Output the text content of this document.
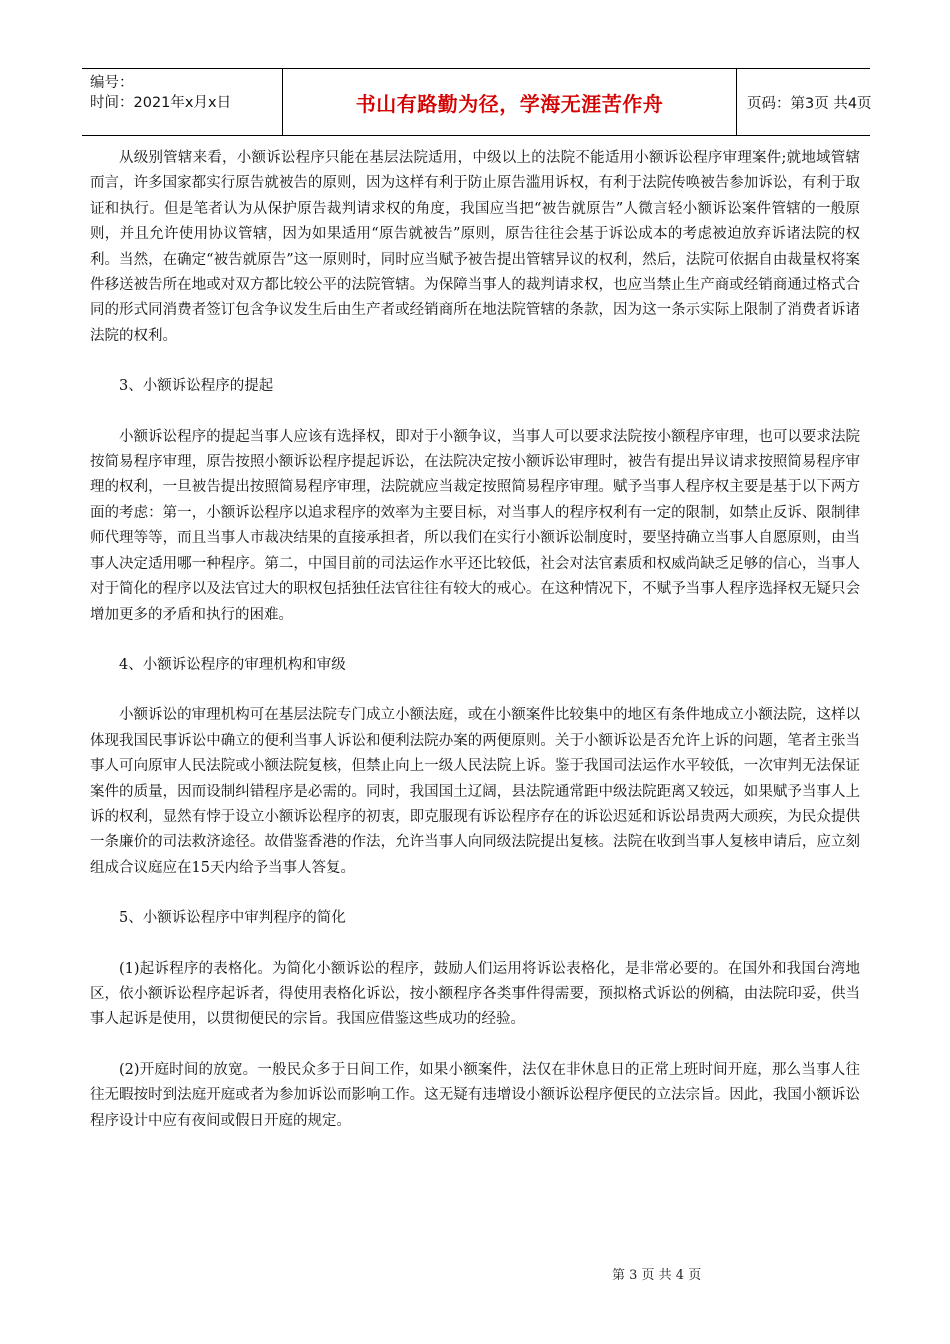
编号：
时间：2021年x月x日	书山有路勤为径，学海无涯苦作舟	页码：第3页 共4页

从级别管辖来看，小额诉讼程序只能在基层法院适用，中级以上的法院不能适用小额诉讼程序审理案件;就地域管辖而言，许多国家都实行原告就被告的原则，因为这样有利于防止原告滥用诉权，有利于法院传唤被告参加诉讼，有利于取证和执行。但是笔者认为从保护原告裁判请求权的角度，我国应当把“被告就原告”人微言轻小额诉讼案件管辖的一般原则，并且允许使用协议管辖，因为如果适用“原告就被告”原则，原告往往会基于诉讼成本的考虑被迫放弃诉诸法院的权利。当然，在确定“被告就原告”这一原则时，同时应当赋予被告提出管辖异议的权利，然后，法院可依据自由裁量权将案件移送被告所在地或对双方都比较公平的法院管辖。为保障当事人的裁判请求权，也应当禁止生产商或经销商通过格式合同的形式同消费者签订包含争议发生后由生产者或经销商所在地法院管辖的条款，因为这一条示实际上限制了消费者诉诸法院的权利。

3、小额诉讼程序的提起

小额诉讼程序的提起当事人应该有选择权，即对于小额争议，当事人可以要求法院按小额程序审理，也可以要求法院按简易程序审理，原告按照小额诉讼程序提起诉讼，在法院决定按小额诉讼审理时，被告有提出异议请求按照简易程序审理的权利，一旦被告提出按照简易程序审理，法院就应当裁定按照简易程序审理。赋予当事人程序权主要是基于以下两方面的考虑：第一，小额诉讼程序以追求程序的效率为主要目标，对当事人的程序权利有一定的限制，如禁止反诉、限制律师代理等等，而且当事人市裁决结果的直接承担者，所以我们在实行小额诉讼制度时，要坚持确立当事人自愿原则，由当事人决定适用哪一种程序。第二，中国目前的司法运作水平还比较低，社会对法官素质和权威尚缺乏足够的信心，当事人对于简化的程序以及法官过大的职权包括独任法官往往有较大的戒心。在这种情况下，不赋予当事人程序选择权无疑只会增加更多的矛盾和执行的困难。

4、小额诉讼程序的审理机构和审级

小额诉讼的审理机构可在基层法院专门成立小额法庭，或在小额案件比较集中的地区有条件地成立小额法院，这样以体现我国民事诉讼中确立的便利当事人诉讼和便利法院办案的两便原则。关于小额诉讼是否允许上诉的问题，笔者主张当事人可向原审人民法院或小额法院复核，但禁止向上一级人民法院上诉。鉴于我国司法运作水平较低，一次审判无法保证案件的质量，因而设制纠错程序是必需的。同时，我国国土辽阔，县法院通常距中级法院距离又较远，如果赋予当事人上诉的权利，显然有悖于设立小额诉讼程序的初衷，即克服现有诉讼程序存在的诉讼迟延和诉讼昂贵两大顽疾，为民众提供一条廉价的司法救济途径。故借鉴香港的作法，允许当事人向同级法院提出复核。法院在收到当事人复核申请后，应立刻组成合议庭应在15天内给予当事人答复。

5、小额诉讼程序中审判程序的简化

(1)起诉程序的表格化。为简化小额诉讼的程序，鼓励人们运用将诉讼表格化，是非常必要的。在国外和我国台湾地区，依小额诉讼程序起诉者，得使用表格化诉讼，按小额程序各类事件得需要，预拟格式诉讼的例稿，由法院印妥，供当事人起诉是使用，以贯彻便民的宗旨。我国应借鉴这些成功的经验。

(2)开庭时间的放宽。一般民众多于日间工作，如果小额案件，法仅在非休息日的正常上班时间开庭，那么当事人往往无暇按时到法庭开庭或者为参加诉讼而影响工作。这无疑有违增设小额诉讼程序便民的立法宗旨。因此，我国小额诉讼程序设计中应有夜间或假日开庭的规定。

第 3 页 共 4 页
